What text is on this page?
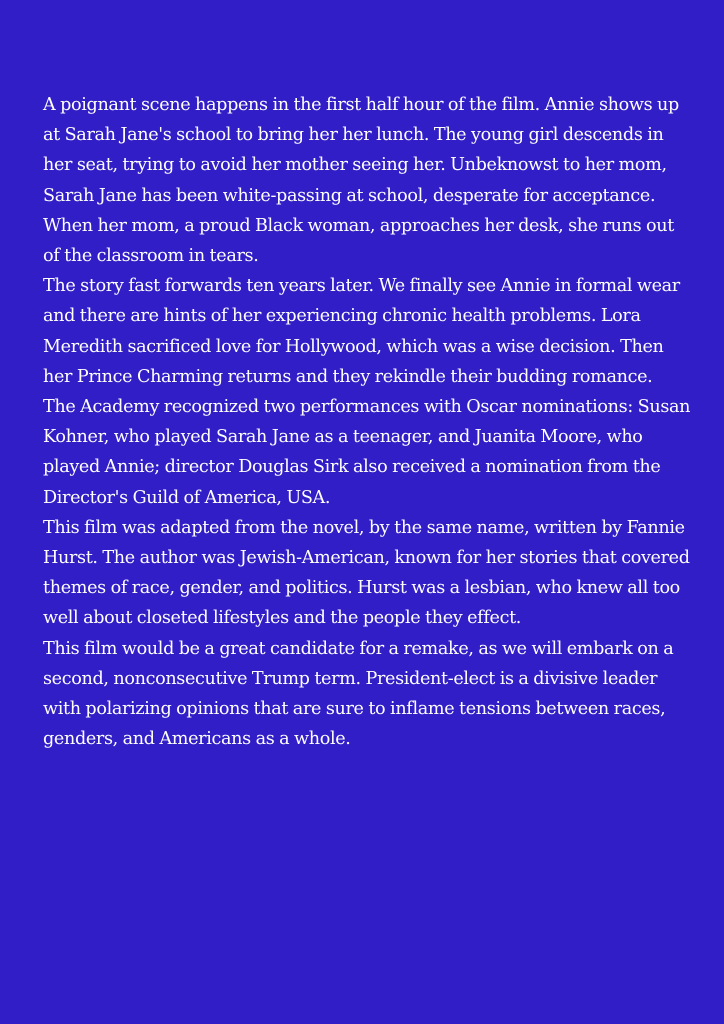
A poignant scene happens in the first half hour of the film. Annie shows up at Sarah Jane's school to bring her her lunch. The young girl descends in her seat, trying to avoid her mother seeing her. Unbeknowst to her mom, Sarah Jane has been white-passing at school, desperate for acceptance. When her mom, a proud Black woman, approaches her desk, she runs out of the classroom in tears.

The story fast forwards ten years later. We finally see Annie in formal wear and there are hints of her experiencing chronic health problems. Lora Meredith sacrificed love for Hollywood, which was a wise decision. Then her Prince Charming returns and they rekindle their budding romance.

The Academy recognized two performances with Oscar nominations: Susan Kohner, who played Sarah Jane as a teenager, and Juanita Moore, who played Annie; director Douglas Sirk also received a nomination from the Director's Guild of America, USA.

This film was adapted from the novel, by the same name, written by Fannie Hurst. The author was Jewish-American, known for her stories that covered themes of race, gender, and politics. Hurst was a lesbian, who knew all too well about closeted lifestyles and the people they effect.

This film would be a great candidate for a remake, as we will embark on a second, nonconsecutive Trump term. President-elect is a divisive leader with polarizing opinions that are sure to inflame tensions between races, genders, and Americans as a whole.
